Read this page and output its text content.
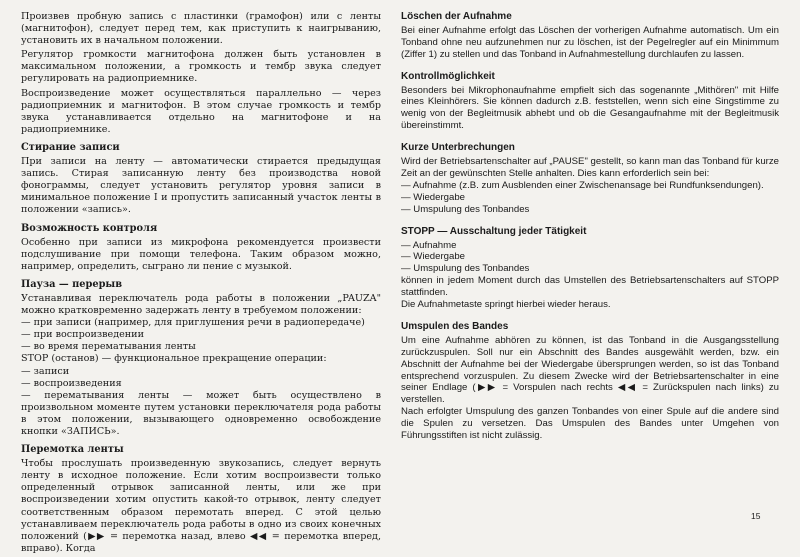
Произвев пробную запись с пластинки (грамофон) или с ленты (магнитофон), следует перед тем, как приступить к наигрыванию, установить их в начальном положении.

Регулятор громкости магнитофона должен быть установлен в максимальном положении, а громкость и тембр звука следует регулировать на радиоприемнике.

Воспроизведение может осуществляться параллельно — через радиоприемник и магнитофон. В этом случае громкость и тембр звука устанавливается отдельно на магнитофоне и на радиоприемнике.

Стирание записи

При записи на ленту — автоматически стирается предыдущая запись. Стирая записанную ленту без производства новой фонограммы, следует установить регулятор уровня записи в минимальное положение I и пропустить записанный участок ленты в положении «запись».

Возможность контроля

Особенно при записи из микрофона рекомендуется произвести подслушивание при помощи телефона. Таким образом можно, например, определить, сыграно ли пение с музыкой.

Пауза — перерыв

Устанавливая переключатель рода работы в положении „PAUZA" можно кратковременно задержать ленту в требуемом положении:

— при записи (например, для приглушения речи в радиопередаче)
— при воспроизведении
— во время перематывания ленты

STOP (останов) — функциональное прекращение операции:

— записи
— воспроизведения
— перематывания ленты — может быть осуществлено в произвольном моменте путем установки переключателя рода работы в этом положении, вызывающего одновременно освобождение кнопки «ЗАПИСЬ».
Перемотка ленты

Чтобы прослушать произведенную звукозапись, следует вернуть ленту в исходное положение. Если хотим воспроизвести только определенный отрывок записанной ленты, или же при воспроизведении хотим опустить какой-то отрывок, ленту следует соответственным образом перемотать вперед. С этой целью устанавливаем переключатель рода работы в одно из своих конечных положений (▶▶ = перемотка назад, влево ◀◀ = перемотка вперед, вправо). Когда

Löschen der Aufnahme

Bei einer Aufnahme erfolgt das Löschen der vorherigen Aufnahme automatisch. Um ein Tonband ohne neu aufzunehmen nur zu löschen, ist der Pegelregler auf ein Minimmum (Ziffer 1) zu stellen und das Tonband in Aufnahmestellung durchlaufen zu lassen.

Kontrollmöglichkeit

Besonders bei Mikrophonaufnahme empfielt sich das sogenannte „Mithören" mit Hilfe eines Kleinhörers. Sie können dadurch z.B. feststellen, wenn sich eine Singstimme zu wenig von der Begleitmusik abhebt und ob die Gesangaufnahme mit der Begleitmusik übereinstimmt.

Kurze Unterbrechungen

Wird der Betriebsartenschalter auf „PAUSE" gestellt, so kann man das Tonband für kurze Zeit an der gewünschten Stelle anhalten. Dies kann erforderlich sein bei:

— Aufnahme (z.B. zum Ausblenden einer Zwischenansage bei Rundfunksendungen).
— Wiedergabe
— Umspulung des Tonbandes
STOPP — Ausschaltung jeder Tätigkeit
— Aufnahme
— Wiedergabe
— Umspulung des Tonbandes

können in jedem Moment durch das Umstellen des Betriebsartenschalters auf STOPP stattfinden.

Die Aufnahmetaste springt hierbei wieder heraus.

Umspulen des Bandes

Um eine Aufnahme abhören zu können, ist das Tonband in die Ausgangsstellung zurückzuspulen. Soll nur ein Abschnitt des Bandes ausgewählt werden, bzw. ein Abschnitt der Aufnahme bei der Wiedergabe übersprungen werden, so ist das Tonband entsprechend vorzuspulen. Zu diesem Zwecke wird der Betriebsartenschalter in eine seiner Endlage (▶▶ = Vorspulen nach rechts ◀◀ = Zurückspulen nach links) zu verstellen.

Nach erfolgter Umspulung des ganzen Tonbandes von einer Spule auf die andere sind die Spulen zu versetzen. Das Umspulen des Bandes unter Umgehen von Führungsstiften ist nicht zulässig.

15
